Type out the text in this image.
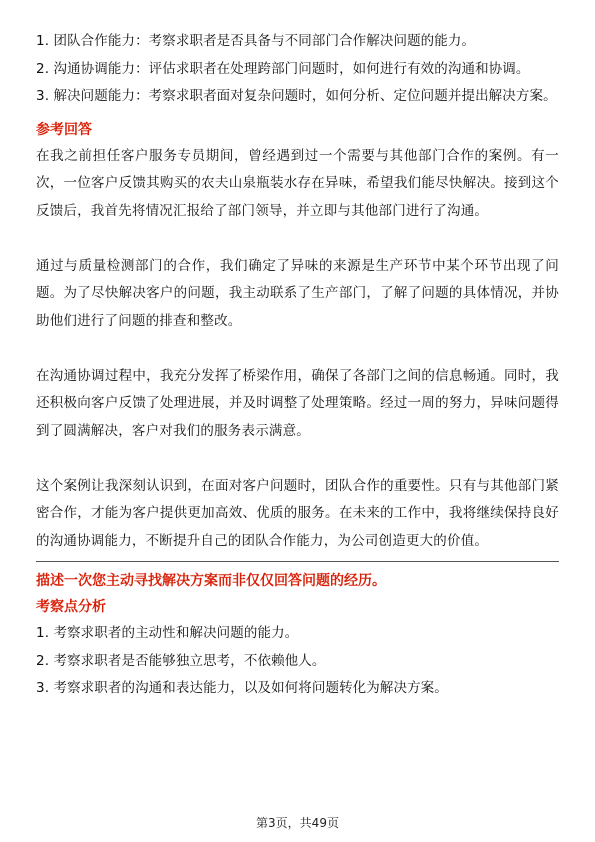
1. 团队合作能力：考察求职者是否具备与不同部门合作解决问题的能力。

2. 沟通协调能力：评估求职者在处理跨部门问题时，如何进行有效的沟通和协调。

3. 解决问题能力：考察求职者面对复杂问题时，如何分析、定位问题并提出解决方案。

参考回答

在我之前担任客户服务专员期间，曾经遇到过一个需要与其他部门合作的案例。有一次，一位客户反馈其购买的农夫山泉瓶装水存在异味，希望我们能尽快解决。接到这个反馈后，我首先将情况汇报给了部门领导，并立即与其他部门进行了沟通。

通过与质量检测部门的合作，我们确定了异味的来源是生产环节中某个环节出现了问题。为了尽快解决客户的问题，我主动联系了生产部门，了解了问题的具体情况，并协助他们进行了问题的排查和整改。

在沟通协调过程中，我充分发挥了桥梁作用，确保了各部门之间的信息畅通。同时，我还积极向客户反馈了处理进展，并及时调整了处理策略。经过一周的努力，异味问题得到了圆满解决，客户对我们的服务表示满意。

这个案例让我深刻认识到，在面对客户问题时，团队合作的重要性。只有与其他部门紧密合作，才能为客户提供更加高效、优质的服务。在未来的工作中，我将继续保持良好的沟通协调能力，不断提升自己的团队合作能力，为公司创造更大的价值。

描述一次您主动寻找解决方案而非仅仅回答问题的经历。
考察点分析

1. 考察求职者的主动性和解决问题的能力。

2. 考察求职者是否能够独立思考，不依赖他人。

3. 考察求职者的沟通和表达能力，以及如何将问题转化为解决方案。

第3页，共49页
